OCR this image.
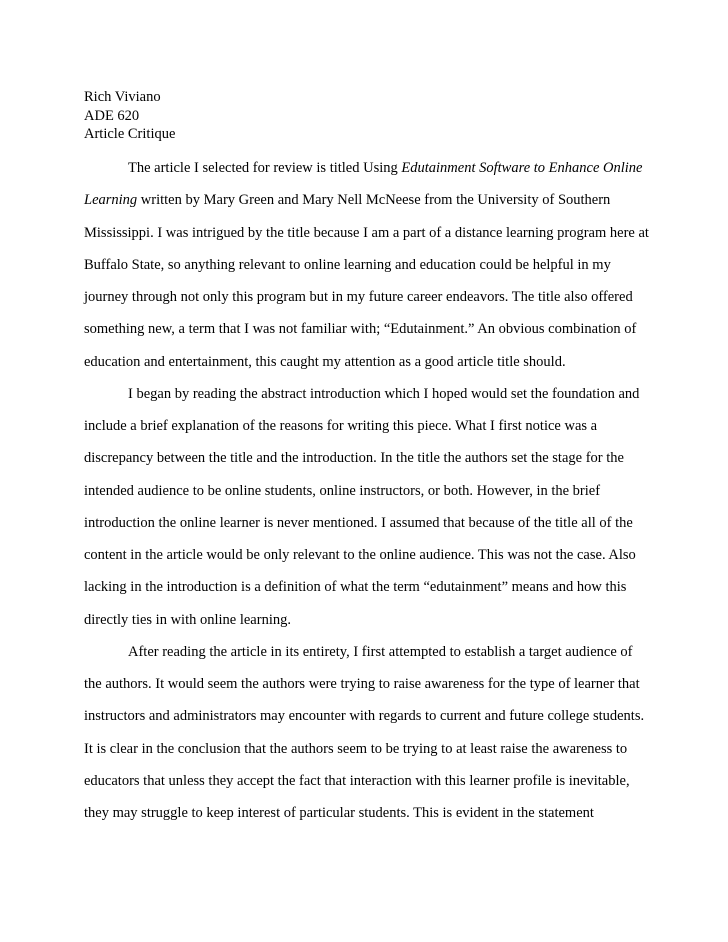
Rich Viviano
ADE 620
Article Critique
The article I selected for review is titled Using Edutainment Software to Enhance Online
Learning written by Mary Green and Mary Nell McNeese from the University of Southern
Mississippi. I was intrigued by the title because I am a part of a distance learning program here at
Buffalo State, so anything relevant to online learning and education could be helpful in my
journey through not only this program but in my future career endeavors. The title also offered
something new, a term that I was not familiar with; “Edutainment.” An obvious combination of
education and entertainment, this caught my attention as a good article title should.
I began by reading the abstract introduction which I hoped would set the foundation and
include a brief explanation of the reasons for writing this piece. What I first notice was a
discrepancy between the title and the introduction. In the title the authors set the stage for the
intended audience to be online students, online instructors, or both. However, in the brief
introduction the online learner is never mentioned. I assumed that because of the title all of the
content in the article would be only relevant to the online audience. This was not the case. Also
lacking in the introduction is a definition of what the term “edutainment” means and how this
directly ties in with online learning.
After reading the article in its entirety, I first attempted to establish a target audience of
the authors. It would seem the authors were trying to raise awareness for the type of learner that
instructors and administrators may encounter with regards to current and future college students.
It is clear in the conclusion that the authors seem to be trying to at least raise the awareness to
educators that unless they accept the fact that interaction with this learner profile is inevitable,
they may struggle to keep interest of particular students. This is evident in the statement
